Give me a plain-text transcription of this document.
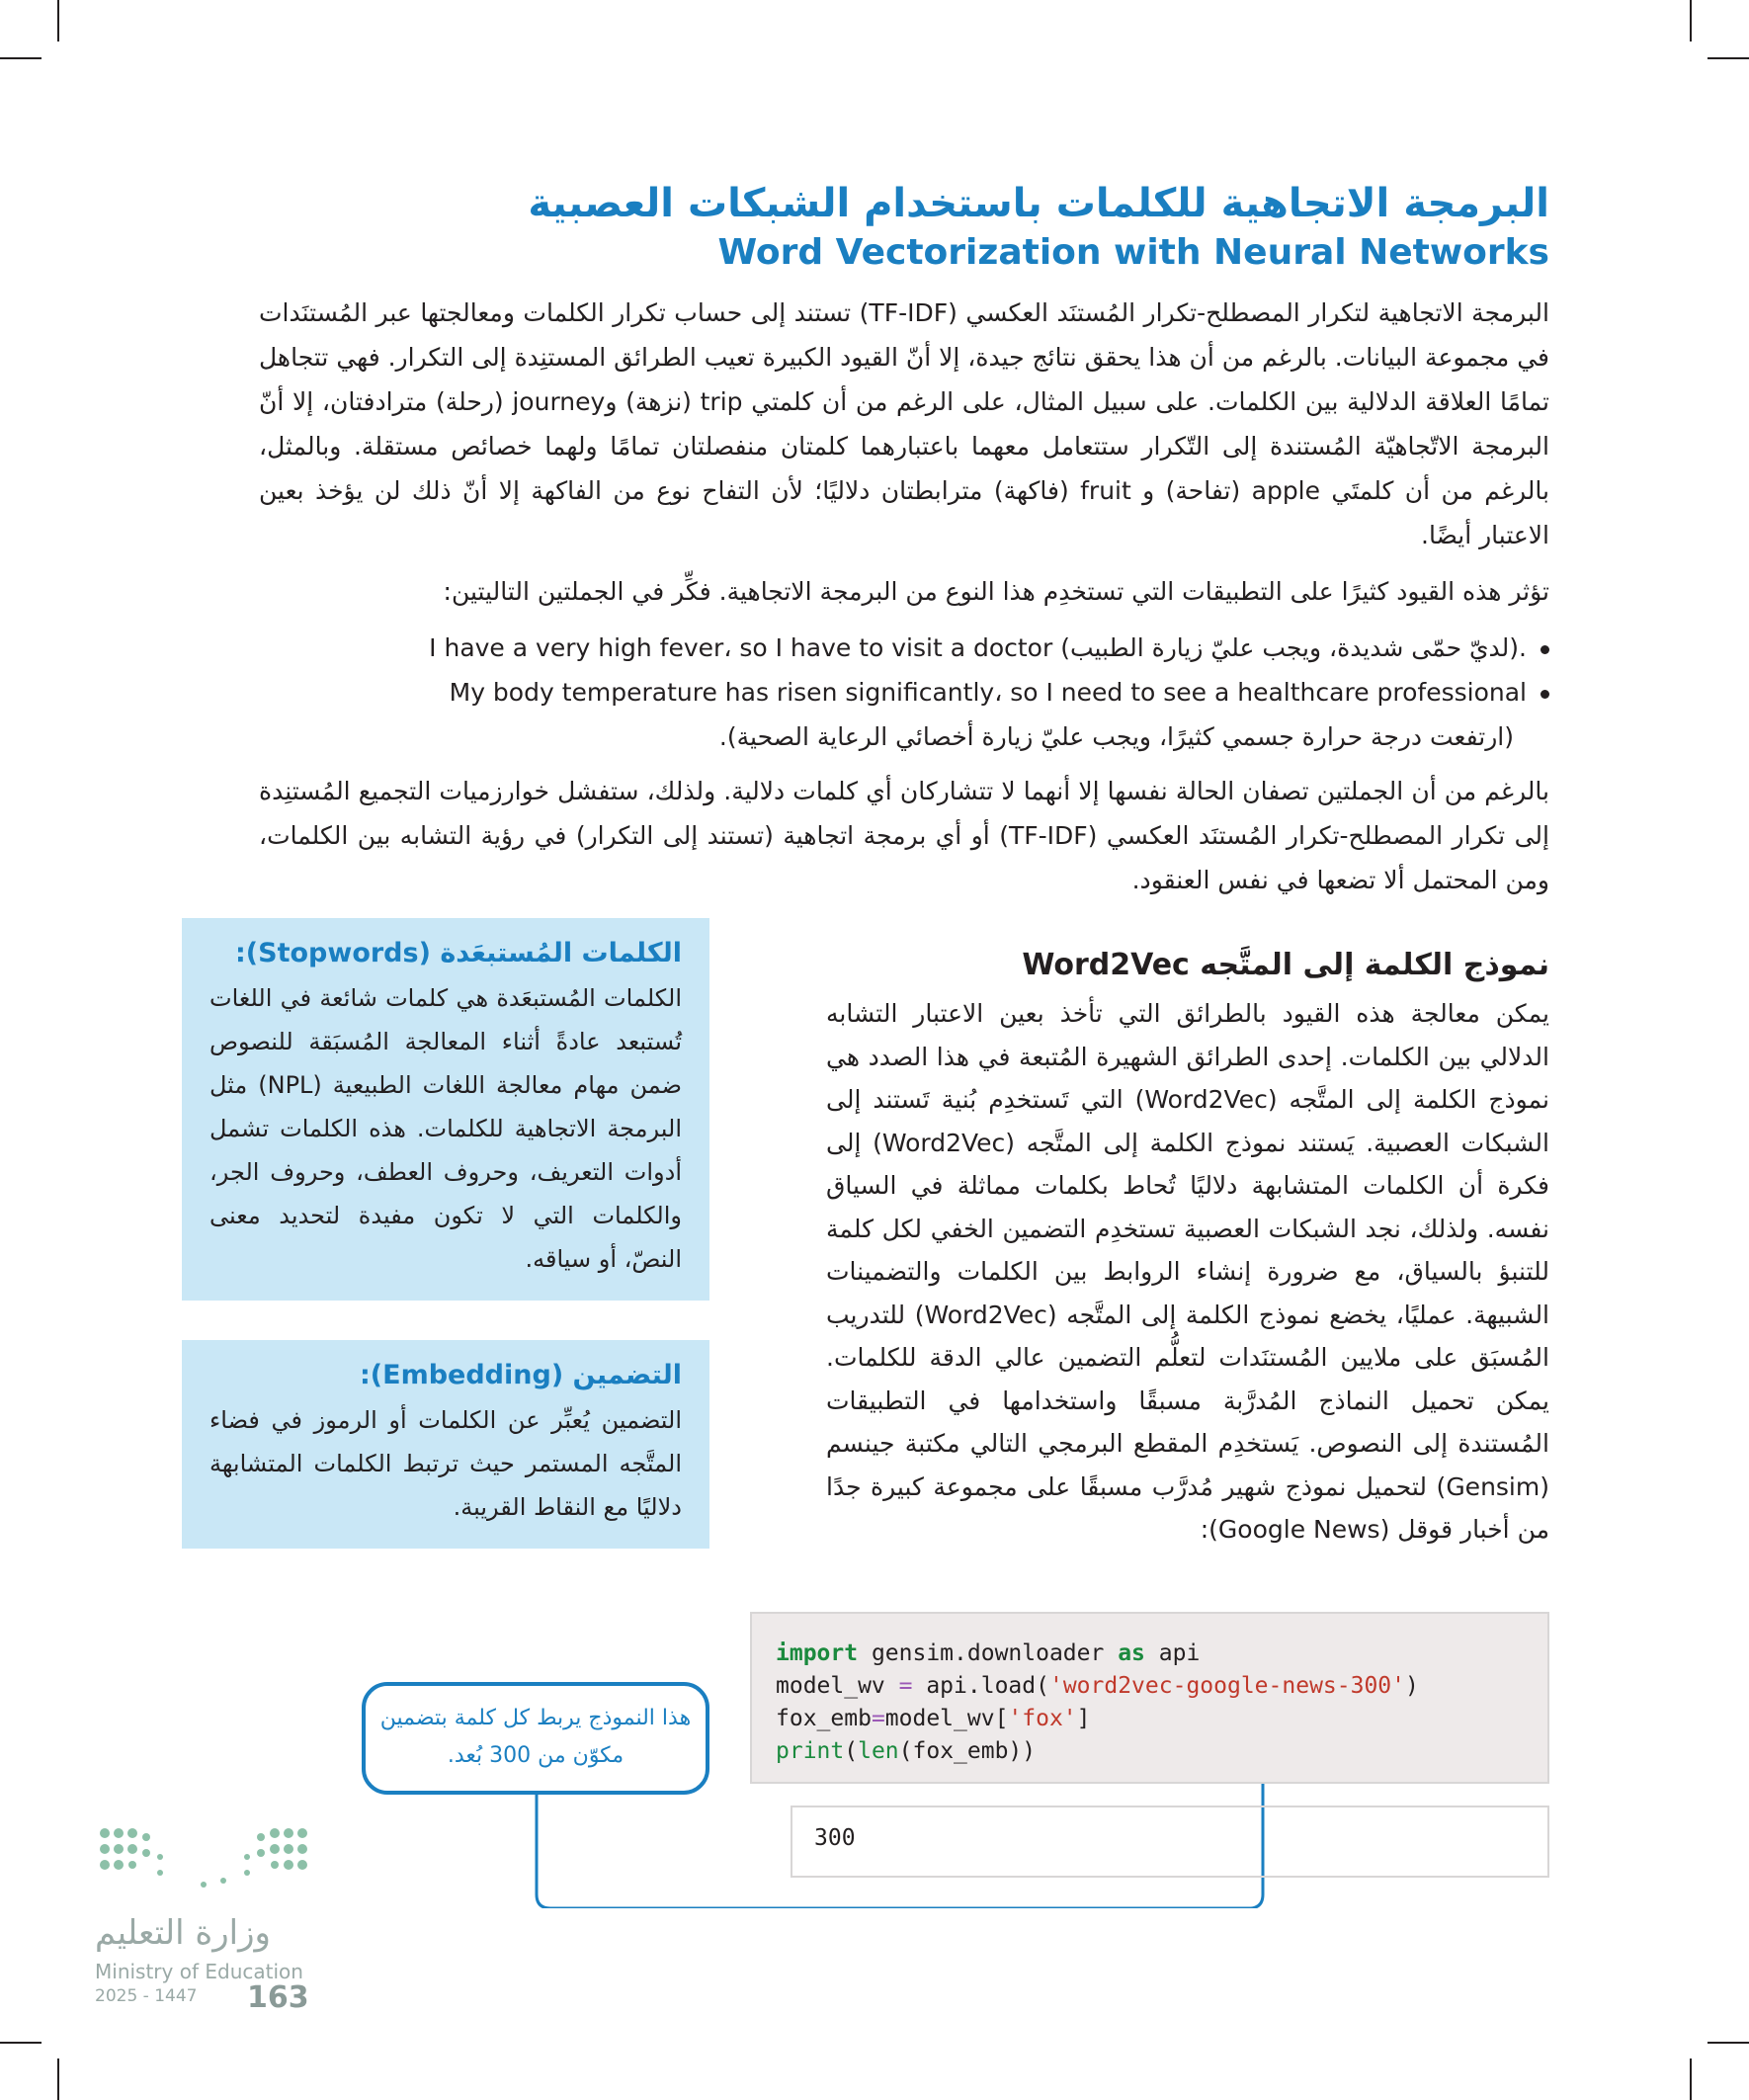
البرمجة الاتجاهية للكلمات باستخدام الشبكات العصبية
Word Vectorization with Neural Networks

البرمجة الاتجاهية لتكرار المصطلح-تكرار المُستنَد العكسي (TF-IDF) تستند إلى حساب تكرار الكلمات ومعالجتها عبر المُستنَدات في مجموعة البيانات. بالرغم من أن هذا يحقق نتائج جيدة، إلا أنّ القيود الكبيرة تعيب الطرائق المستنِدة إلى التكرار. فهي تتجاهل تمامًا العلاقة الدلالية بين الكلمات. على سبيل المثال، على الرغم من أن كلمتي trip (نزهة) وjourney (رحلة) مترادفتان، إلا أنّ البرمجة الاتّجاهيّة المُستندة إلى التّكرار ستتعامل معهما باعتبارهما كلمتان منفصلتان تمامًا ولهما خصائص مستقلة. وبالمثل، بالرغم من أن كلمتَي apple (تفاحة) و fruit (فاكهة) مترابطتان دلاليًا؛ لأن التفاح نوع من الفاكهة إلا أنّ ذلك لن يؤخذ بعين الاعتبار أيضًا.

تؤثر هذه القيود كثيرًا على التطبيقات التي تستخدِم هذا النوع من البرمجة الاتجاهية. فكِّر في الجملتين التاليتين:

I have a very high fever، so I have to visit a doctor (لديّ حمّى شديدة، ويجب عليّ زيارة الطبيب).
My body temperature has risen significantly، so I need to see a healthcare professional
(ارتفعت درجة حرارة جسمي كثيرًا، ويجب عليّ زيارة أخصائي الرعاية الصحية).

بالرغم من أن الجملتين تصفان الحالة نفسها إلا أنهما لا تتشاركان أي كلمات دلالية. ولذلك، ستفشل خوارزميات التجميع المُستنِدة إلى تكرار المصطلح-تكرار المُستنَد العكسي (TF-IDF) أو أي برمجة اتجاهية (تستند إلى التكرار) في رؤية التشابه بين الكلمات، ومن المحتمل ألا تضعها في نفس العنقود.

الكلمات المُستبعَدة (Stopwords):

الكلمات المُستبعَدة هي كلمات شائعة في اللغات تُستبعد عادةً أثناء المعالجة المُسبَقة للنصوص ضمن مهام معالجة اللغات الطبيعية (NPL) مثل البرمجة الاتجاهية للكلمات. هذه الكلمات تشمل أدوات التعريف، وحروف العطف، وحروف الجر، والكلمات التي لا تكون مفيدة لتحديد معنى النصّ، أو سياقه.

التضمين (Embedding):

التضمين يُعبِّر عن الكلمات أو الرموز في فضاء المتَّجه المستمر حيث ترتبط الكلمات المتشابهة دلاليًا مع النقاط القريبة.

نموذج الكلمة إلى المتَّجه Word2Vec

يمكن معالجة هذه القيود بالطرائق التي تأخذ بعين الاعتبار التشابه الدلالي بين الكلمات. إحدى الطرائق الشهيرة المُتبعة في هذا الصدد هي نموذج الكلمة إلى المتَّجه (Word2Vec) التي تَستخدِم بُنية تَستند إلى الشبكات العصبية. يَستند نموذج الكلمة إلى المتَّجه (Word2Vec) إلى فكرة أن الكلمات المتشابهة دلاليًا تُحاط بكلمات مماثلة في السياق نفسه. ولذلك، نجد الشبكات العصبية تستخدِم التضمين الخفي لكل كلمة للتنبؤ بالسياق، مع ضرورة إنشاء الروابط بين الكلمات والتضمينات الشبيهة. عمليًا، يخضع نموذج الكلمة إلى المتَّجه (Word2Vec) للتدريب المُسبَق على ملايين المُستنَدات لتعلُّم التضمين عالي الدقة للكلمات. يمكن تحميل النماذج المُدرَّبة مسبقًا واستخدامها في التطبيقات المُستندة إلى النصوص. يَستخدِم المقطع البرمجي التالي مكتبة جينسم (Gensim) لتحميل نموذج شهير مُدرَّب مسبقًا على مجموعة كبيرة جدًا من أخبار قوقل (Google News):

import gensim.downloader as api
model_wv = api.load('word2vec-google-news-300')
fox_emb=model_wv['fox']
print(len(fox_emb))
300
هذا النموذج يربط كل كلمة بتضمين مكوّن من 300 بُعد.
وزارة التعليم
Ministry of Education
2025 - 1447 163
